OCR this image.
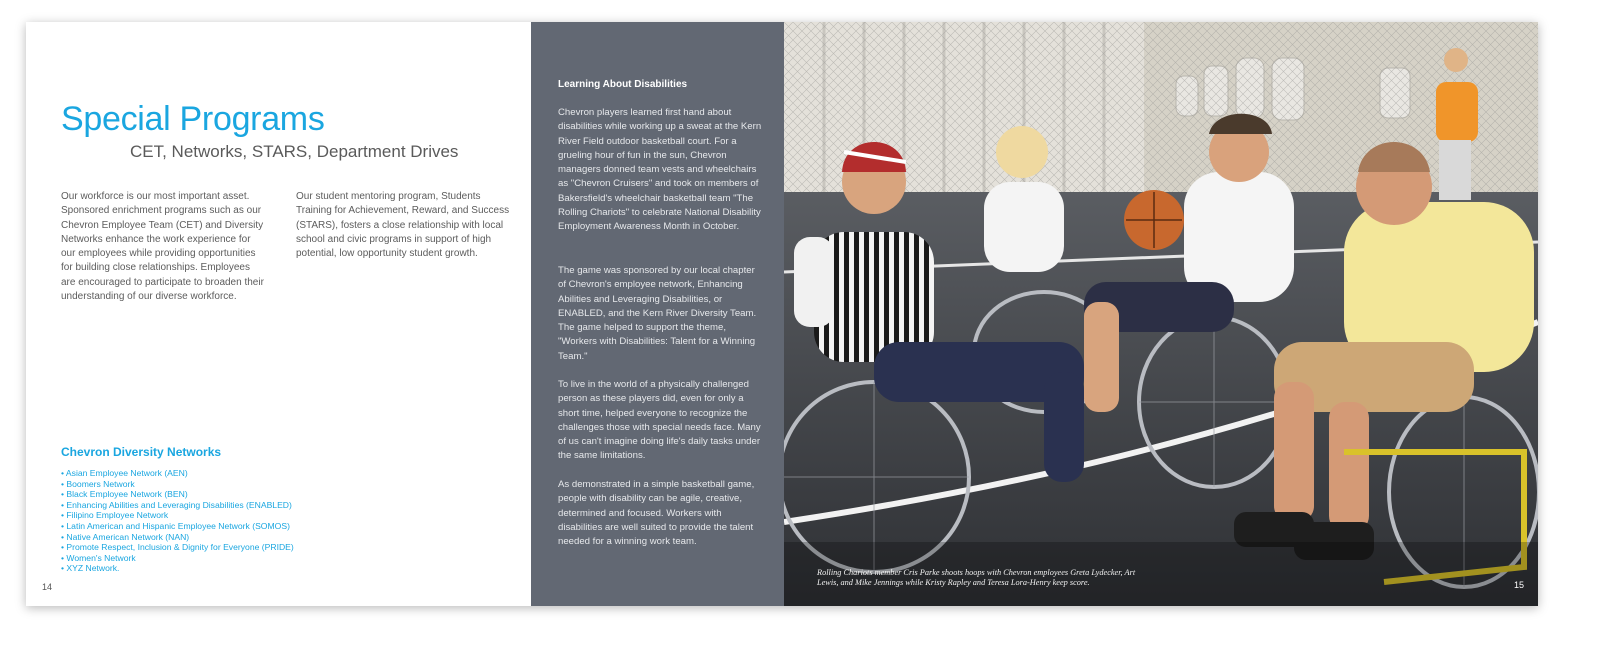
Special Programs
CET, Networks, STARS, Department Drives

Our workforce is our most important asset. Sponsored enrichment programs such as our Chevron Employee Team (CET) and Diversity Networks enhance the work experience for our employees while providing opportunities for building close relationships. Employees are encouraged to participate to broaden their understanding of our diverse workforce.

Our student mentoring program, Students Training for Achievement, Reward, and Success (STARS), fosters a close relationship with local school and civic programs in support of high potential, low opportunity student growth.

Chevron Diversity Networks
• Asian Employee Network (AEN)
• Boomers Network
• Black Employee Network (BEN)
• Enhancing Abilities and Leveraging Disabilities (ENABLED)
• Filipino Employee Network
• Latin American and Hispanic Employee Network (SOMOS)
• Native American Network (NAN)
• Promote Respect, Inclusion & Dignity for Everyone (PRIDE)
• Women's Network
• XYZ Network.
14
Learning About Disabilities

Chevron players learned first hand about disabilities while working up a sweat at the Kern River Field outdoor basketball court. For a grueling hour of fun in the sun, Chevron managers donned team vests and wheelchairs as "Chevron Cruisers" and took on members of Bakersfield's wheelchair basketball team "The Rolling Chariots" to celebrate National Disability Employment Awareness Month in October.

The game was sponsored by our local chapter of Chevron's employee network, Enhancing Abilities and Leveraging Disabilities, or ENABLED, and the Kern River Diversity Team. The game helped to support the theme, "Workers with Disabilities: Talent for a Winning Team."

To live in the world of a physically challenged person as these players did, even for only a short time, helped everyone to recognize the challenges those with special needs face. Many of us can't imagine doing life's daily tasks under the same limitations.

As demonstrated in a simple basketball game, people with disability can be agile, creative, determined and focused. Workers with disabilities are well suited to provide the talent needed for a winning work team.

Rolling Chariots member Cris Parke shoots hoops with Chevron employees Greta Lydecker, Art Lewis, and Mike Jennings while Kristy Rapley and Teresa Lora-Henry keep score.	15
